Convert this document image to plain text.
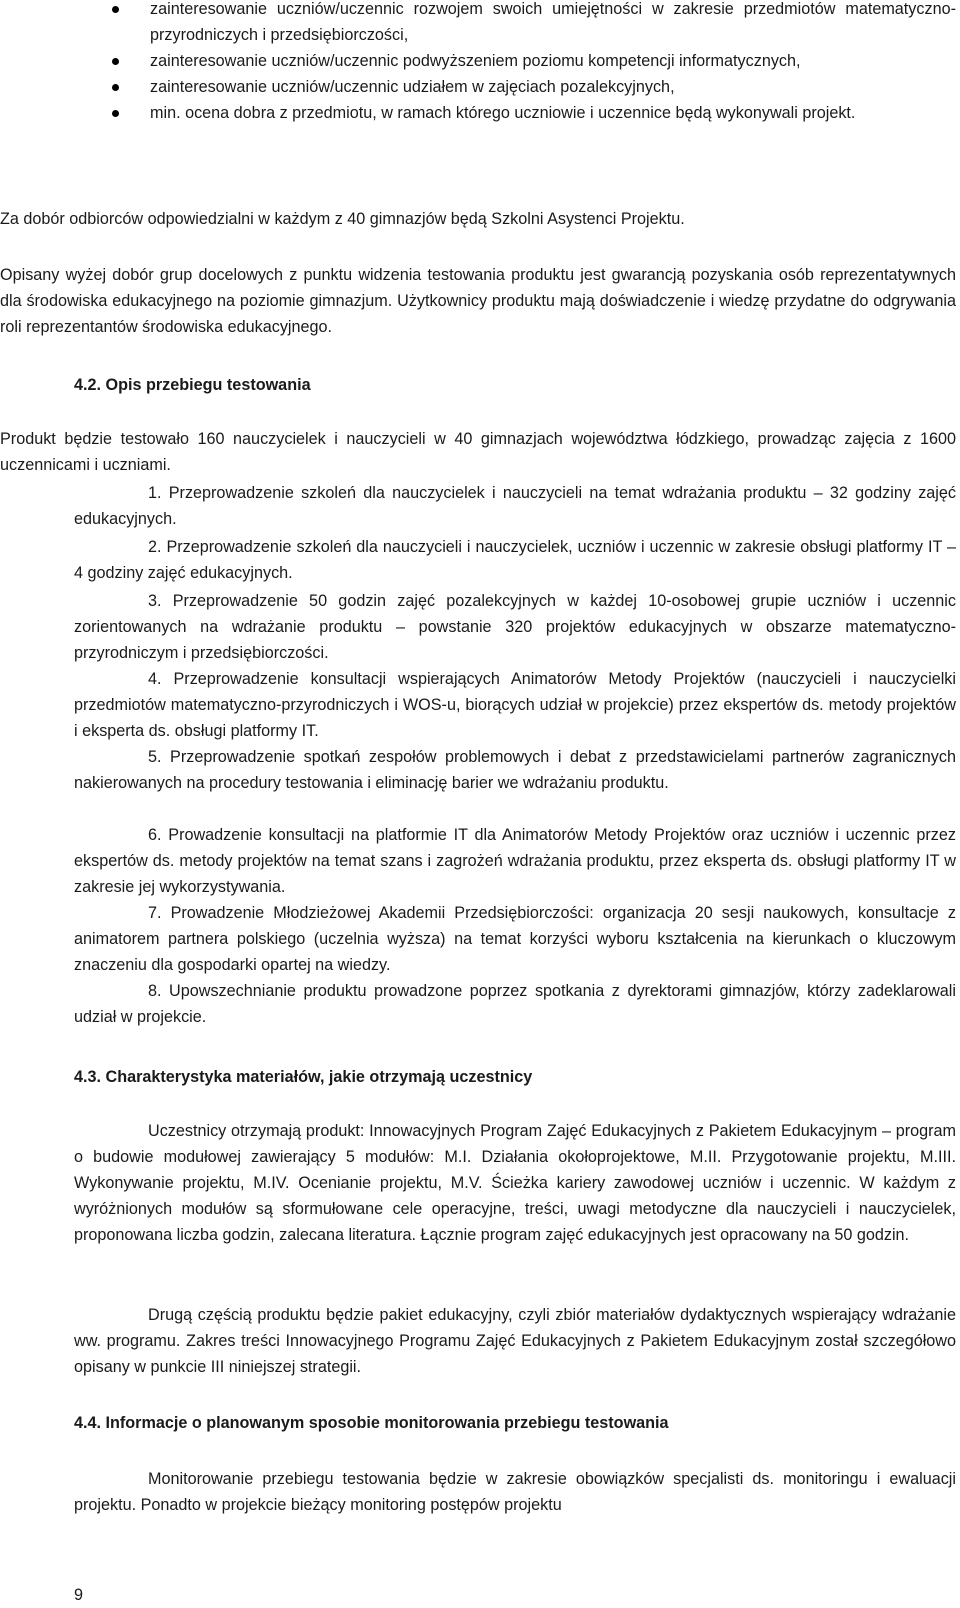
zainteresowanie uczniów/uczennic rozwojem swoich umiejętności w zakresie przedmiotów matematyczno-przyrodniczych i przedsiębiorczości,
zainteresowanie uczniów/uczennic podwyższeniem poziomu kompetencji informatycznych,
zainteresowanie uczniów/uczennic udziałem w zajęciach pozalekcyjnych,
min. ocena dobra z przedmiotu, w ramach którego uczniowie i uczennice będą wykonywali projekt.

Za dobór odbiorców odpowiedzialni w każdym z 40 gimnazjów będą Szkolni Asystenci Projektu.

Opisany wyżej dobór grup docelowych z punktu widzenia testowania produktu jest gwarancją pozyskania osób reprezentatywnych dla środowiska edukacyjnego na poziomie gimnazjum. Użytkownicy produktu mają doświadczenie i wiedzę przydatne do odgrywania roli reprezentantów środowiska edukacyjnego.

4.2. Opis przebiegu testowania

Produkt będzie testowało 160 nauczycielek i nauczycieli w 40 gimnazjach województwa łódzkiego, prowadząc zajęcia z 1600 uczennicami i uczniami.

1. Przeprowadzenie szkoleń dla nauczycielek i nauczycieli na temat wdrażania produktu – 32 godziny zajęć edukacyjnych.

2. Przeprowadzenie szkoleń dla nauczycieli i nauczycielek, uczniów i uczennic w zakresie obsługi platformy IT – 4 godziny zajęć edukacyjnych.

3. Przeprowadzenie 50 godzin zajęć pozalekcyjnych w każdej 10-osobowej grupie uczniów i uczennic zorientowanych na wdrażanie produktu – powstanie 320 projektów edukacyjnych w obszarze matematyczno-przyrodniczym i przedsiębiorczości.

4. Przeprowadzenie konsultacji wspierających Animatorów Metody Projektów (nauczycieli i nauczycielki przedmiotów matematyczno-przyrodniczych i WOS-u, biorących udział w projekcie) przez ekspertów ds. metody projektów i eksperta ds. obsługi platformy IT.

5. Przeprowadzenie spotkań zespołów problemowych i debat z przedstawicielami partnerów zagranicznych nakierowanych na procedury testowania i eliminację barier we wdrażaniu produktu.

6. Prowadzenie konsultacji na platformie IT dla Animatorów Metody Projektów oraz uczniów i uczennic przez ekspertów ds. metody projektów na temat szans i zagrożeń wdrażania produktu, przez eksperta ds. obsługi platformy IT w zakresie jej wykorzystywania.

7. Prowadzenie Młodzieżowej Akademii Przedsiębiorczości: organizacja 20 sesji naukowych, konsultacje z animatorem partnera polskiego (uczelnia wyższa) na temat korzyści wyboru kształcenia na kierunkach o kluczowym znaczeniu dla gospodarki opartej na wiedzy.

8. Upowszechnianie produktu prowadzone poprzez spotkania z dyrektorami gimnazjów, którzy zadeklarowali udział w projekcie.

4.3. Charakterystyka materiałów, jakie otrzymają uczestnicy

Uczestnicy otrzymają produkt: Innowacyjnych Program Zajęć Edukacyjnych z Pakietem Edukacyjnym – program o budowie modułowej zawierający 5 modułów: M.I. Działania okołoprojektowe, M.II. Przygotowanie projektu, M.III. Wykonywanie projektu, M.IV. Ocenianie projektu, M.V. Ścieżka kariery zawodowej uczniów i uczennic. W każdym z wyróżnionych modułów są sformułowane cele operacyjne, treści, uwagi metodyczne dla nauczycieli i nauczycielek, proponowana liczba godzin, zalecana literatura. Łącznie program zajęć edukacyjnych jest opracowany na 50 godzin.

Drugą częścią produktu będzie pakiet edukacyjny, czyli zbiór materiałów dydaktycznych wspierający wdrażanie ww. programu. Zakres treści Innowacyjnego Programu Zajęć Edukacyjnych z Pakietem Edukacyjnym został szczegółowo opisany w punkcie III niniejszej strategii.

4.4. Informacje o planowanym sposobie monitorowania przebiegu testowania

Monitorowanie przebiegu testowania będzie w zakresie obowiązków specjalisti ds. monitoringu i ewaluacji projektu. Ponadto w projekcie bieżący monitoring postępów projektu

9
